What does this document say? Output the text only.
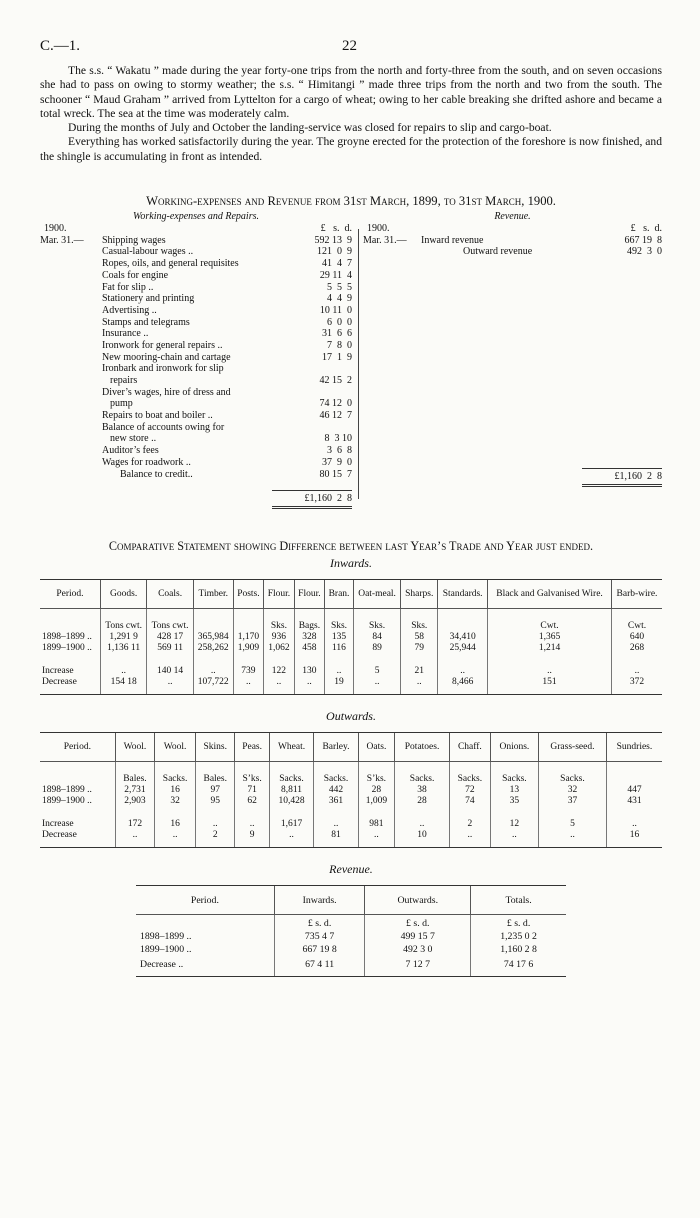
C.—1.	22

The s.s. “ Wakatu ” made during the year forty-one trips from the north and forty-three from the south, and on seven occasions she had to pass on owing to stormy weather; the s.s. “ Himitangi ” made three trips from the north and two from the south. The schooner “ Maud Graham ” arrived from Lyttelton for a cargo of wheat; owing to her cable breaking she drifted ashore and became a total wreck. The sea at the time was moderately calm.

During the months of July and October the landing-service was closed for repairs to slip and cargo-boat.

Everything has worked satisfactorily during the year. The groyne erected for the protection of the foreshore is now finished, and the shingle is accumulating in front as intended.

Working-expenses and Revenue from 31st March, 1899, to 31st March, 1900.
Working-expenses and Repairs.
1900.	£   s.  d.
Mar. 31.— Shipping wages	592 13  9
Casual-labour wages ..	121  0  9
Ropes, oils, and general requisites	41  4  7
Coals for engine	29 11  4
Fat for slip ..	5  5  5
Stationery and printing	4  4  9
Advertising ..	10 11  0
Stamps and telegrams	6  0  0
Insurance ..	31  6  6
Ironwork for general repairs ..	7  8  0
New mooring-chain and cartage	17  1  9
Ironbark and ironwork for slip
repairs	42 15  2
Diver’s wages, hire of dress and
pump	74 12  0
Repairs to boat and boiler ..	46 12  7
Balance of accounts owing for
new store ..	8  3 10
Auditor’s fees	3  6  8
Wages for roadwork ..	37  9  0
Balance to credit..	80 15  7
£1,160  2  8
Revenue.
1900.	£   s.  d.
Mar. 31.— Inward revenue	667 19  8
Outward revenue	492  3  0
£1,160  2  8
Comparative Statement showing Difference between last Year’s Trade and Year just ended.
Inwards.
Period.	Goods.	Coals.	Timber.	Posts.	Flour.	Flour.	Bran.	Oat-meal.	Sharps.	Standards.	Black and Galvanised Wire.	Barb-wire.

	Tons cwt.	Tons cwt.			Sks.	Bags.	Sks.	Sks.	Sks.		Cwt.	Cwt.
1898–1899 ..	1,291 9	428 17	365,984	1,170	936	328	135	84	58	34,410	1,365	640
1899–1900 ..	1,136 11	569 11	258,262	1,909	1,062	458	116	89	79	25,944	1,214	268

Increase	..	140 14	..	739	122	130	..	5	21	..	..	..
Decrease	154 18	..	107,722	..	..	..	19	..	..	8,466	151	372
Outwards.
Period.	Wool.	Wool.	Skins.	Peas.	Wheat.	Barley.	Oats.	Potatoes.	Chaff.	Onions.	Grass-seed.	Sundries.

	Bales.	Sacks.	Bales.	S’ks.	Sacks.	Sacks.	S’ks.	Sacks.	Sacks.	Sacks.	Sacks.	
1898–1899 ..	2,731	16	97	71	8,811	442	28	38	72	13	32	447
1899–1900 ..	2,903	32	95	62	10,428	361	1,009	28	74	35	37	431

Increase	172	16	..	..	1,617	..	981	..	2	12	5	..
Decrease	..	..	2	9	..	81	..	10	..	..	..	16
Revenue.
Period.	Inwards.	Outwards.	Totals.

	£ s. d.	£ s. d.	£ s. d.
1898–1899 ..	735 4 7	499 15 7	1,235 0 2
1899–1900 ..	667 19 8	492 3 0	1,160 2 8

Decrease ..	67 4 11	7 12 7	74 17 6
